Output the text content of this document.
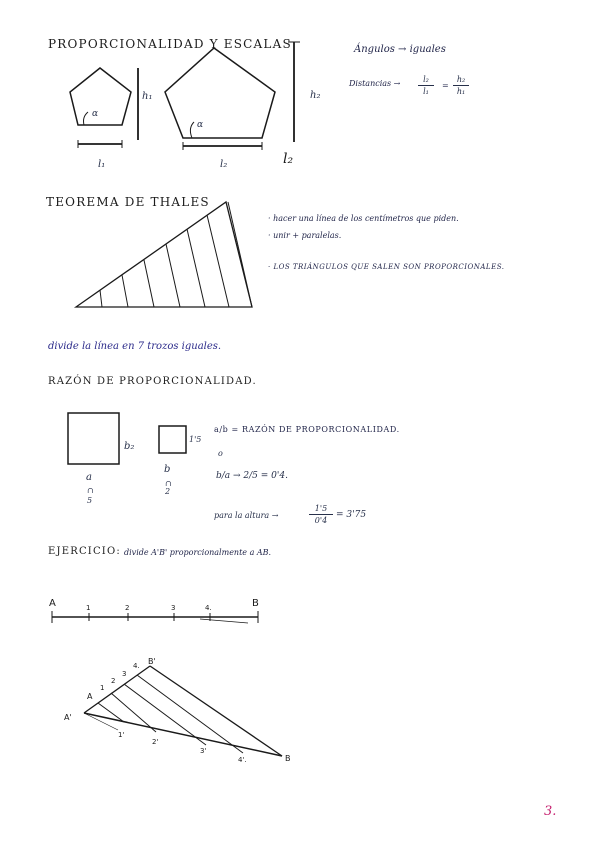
PROPORCIONALIDAD Y ESCALAS
TEOREMA DE THALES
RAZÓN DE PROPORCIONALIDAD.
EJERCICIO: divide A'B' proporcionalmente a AB.
A	B
1	2	3	4.
A
A'
B
B'
1
2
3
4.
1'
2'
3'
4'.
h₁
α
l₁
h₂
α
l₂	l₂
Ángulos → iguales
Distancias → $\frac{\text{l₂}}{\text{l₁}} = \frac{\text{h₂}}{\text{h₁}}$
· hacer una línea de los centímetros que piden.
· unir + paralelas.
· LOS TRIÁNGULOS QUE SALEN SON PROPORCIONALES.
divide la línea en 7 trozos iguales.
b₂
a
∩
5
b
∩
2
1'5
a/b = RAZÓN DE PROPORCIONALIDAD.
o
b/a → 2/5 = 0'4.
para la altura →	$\frac{1'5}{0'4} = 3'75$
3.
